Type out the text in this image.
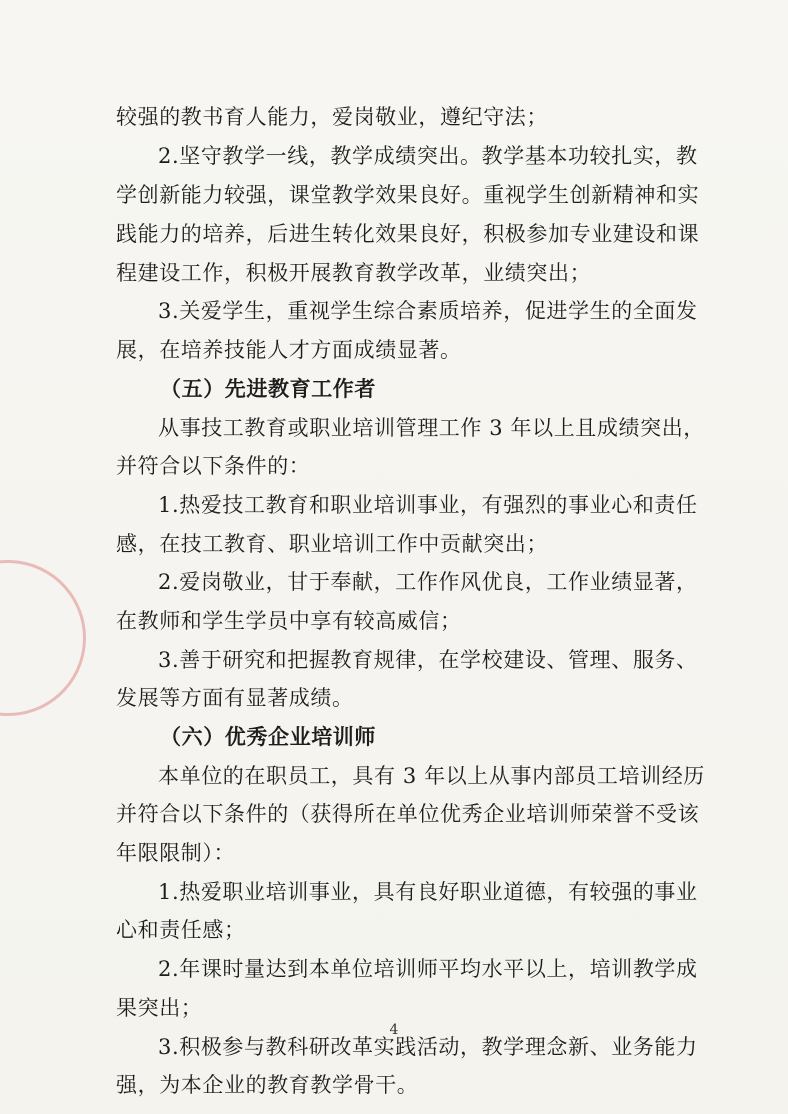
较强的教书育人能力，爱岗敬业，遵纪守法；
2.坚守教学一线，教学成绩突出。教学基本功较扎实，教
学创新能力较强，课堂教学效果良好。重视学生创新精神和实
践能力的培养，后进生转化效果良好，积极参加专业建设和课
程建设工作，积极开展教育教学改革，业绩突出；
3.关爱学生，重视学生综合素质培养，促进学生的全面发
展，在培养技能人才方面成绩显著。
（五）先进教育工作者
从事技工教育或职业培训管理工作 3 年以上且成绩突出，
并符合以下条件的：
1.热爱技工教育和职业培训事业，有强烈的事业心和责任
感，在技工教育、职业培训工作中贡献突出；
2.爱岗敬业，甘于奉献，工作作风优良，工作业绩显著，
在教师和学生学员中享有较高威信；
3.善于研究和把握教育规律，在学校建设、管理、服务、
发展等方面有显著成绩。
（六）优秀企业培训师
本单位的在职员工，具有 3 年以上从事内部员工培训经历
并符合以下条件的（获得所在单位优秀企业培训师荣誉不受该
年限限制）：
1.热爱职业培训事业，具有良好职业道德，有较强的事业
心和责任感；
2.年课时量达到本单位培训师平均水平以上，培训教学成
果突出；
3.积极参与教科研改革实践活动，教学理念新、业务能力
强，为本企业的教育教学骨干。
4
